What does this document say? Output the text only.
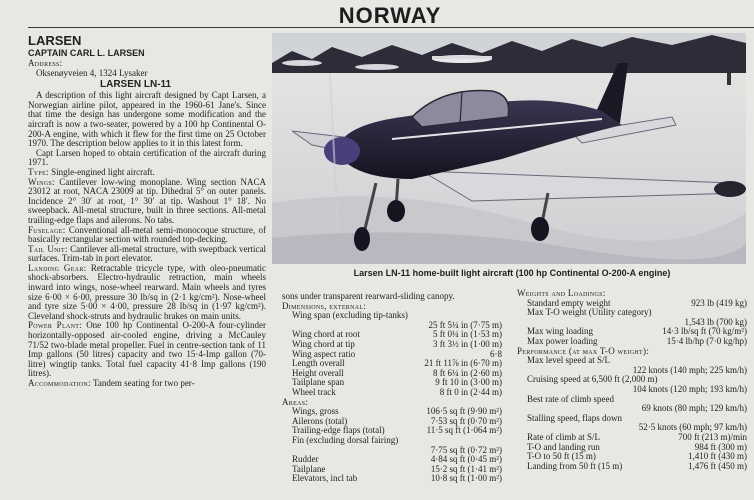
NORWAY
LARSEN
CAPTAIN CARL L. LARSEN
Address:
Oksenøyveien 4, 1324 Lysaker
LARSEN LN-11

A description of this light aircraft designed by Capt Larsen, a Norwegian airline pilot, appeared in the 1960-61 Jane's. Since that time the design has undergone some modification and the aircraft is now a two-seater, powered by a 100 hp Continental O-200-A engine, with which it flew for the first time on 25 October 1970. The description below applies to it in this latest form.

Capt Larsen hoped to obtain certification of the aircraft during 1971.

Type: Single-engined light aircraft.

Wings: Cantilever low-wing monoplane. Wing section NACA 23012 at root, NACA 23009 at tip. Dihedral 5° on outer panels. Incidence 2° 30′ at root, 1° 30′ at tip. Washout 1° 18′. No sweepback. All-metal structure, built in three sections. All-metal trailing-edge flaps and ailerons. No tabs.

Fuselage: Conventional all-metal semi-monocoque structure, of basically rectangular section with rounded top-decking.

Tail Unit: Cantilever all-metal structure, with sweptback vertical surfaces. Trim-tab in port elevator.

Landing Gear: Retractable tricycle type, with oleo-pneumatic shock-absorbers. Electro-hydraulic retraction, main wheels inward into wings, nose-wheel rearward. Main wheels and tyres size 6·00 × 6·00, pressure 30 lb/sq in (2·1 kg/cm²). Nose-wheel and tyre size 5·00 × 4·00, pressure 28 lb/sq in (1·97 kg/cm²). Cleveland shock-struts and hydraulic brakes on main units.

Power Plant: One 100 hp Continental O-200-A four-cylinder horizontally-opposed air-cooled engine, driving a McCauley 71/52 two-blade metal propeller. Fuel in centre-section tank of 11 Imp gallons (50 litres) capacity and two 15·4-Imp gallon (70-litre) wingtip tanks. Total fuel capacity 41·8 Imp gallons (190 litres).

Accommodation: Tandem seating for two per-

Larsen LN-11 home-built light aircraft (100 hp Continental O-200-A engine)
sons under transparent rearward-sliding canopy.
Dimensions, external:
Wing span (excluding tip-tanks)
25 ft 5¼ in (7·75 m)
Wing chord at root	5 ft 0¼ in (1·53 m)
Wing chord at tip	3 ft 3½ in (1·00 m)
Wing aspect ratio	6·8
Length overall	21 ft 11⅞ in (6·70 m)
Height overall	8 ft 6¼ in (2·60 m)
Tailplane span	9 ft 10 in (3·00 m)
Wheel track	8 ft 0 in (2·44 m)
Areas:
Wings, gross	106·5 sq ft (9·90 m²)
Ailerons (total)	7·53 sq ft (0·70 m²)
Trailing-edge flaps (total)	11·5 sq ft (1·064 m²)
Fin (excluding dorsal fairing)
7·75 sq ft (0·72 m²)
Rudder	4·84 sq ft (0·45 m²)
Tailplane	15·2 sq ft (1·41 m²)
Elevators, incl tab	10·8 sq ft (1·00 m²)
Weights and Loadings:
Standard empty weight	923 lb (419 kg)
Max T-O weight (Utility category)
1,543 lb (700 kg)
Max wing loading	14·3 lb/sq ft (70 kg/m²)
Max power loading	15·4 lb/hp (7·0 kg/hp)
Performance (at max T-O weight):
Max level speed at S/L
122 knots (140 mph; 225 km/h)
Cruising speed at 6,500 ft (2,000 m)
104 knots (120 mph; 193 km/h)
Best rate of climb speed
69 knots (80 mph; 129 km/h)
Stalling speed, flaps down
52·5 knots (60 mph; 97 km/h)
Rate of climb at S/L	700 ft (213 m)/min
T-O and landing run	984 ft (300 m)
T-O to 50 ft (15 m)	1,410 ft (430 m)
Landing from 50 ft (15 m)	1,476 ft (450 m)
